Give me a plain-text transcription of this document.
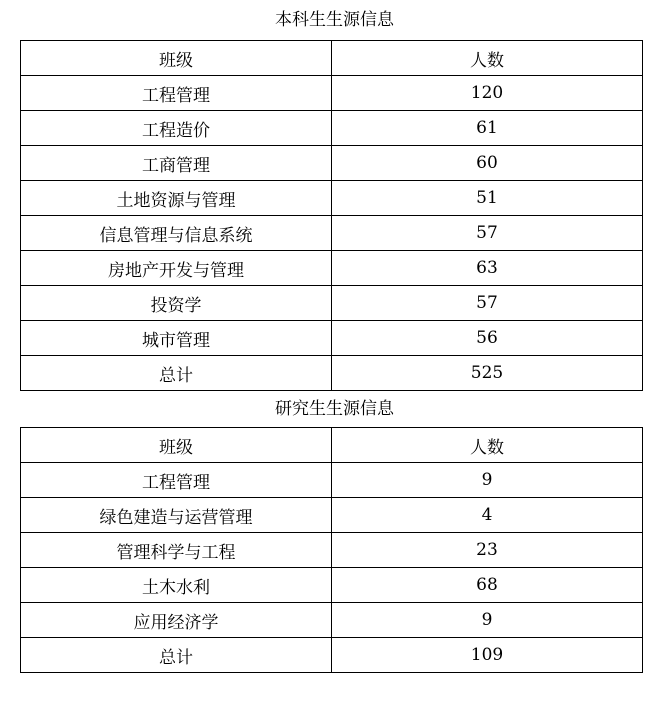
本科生生源信息
班级	人数
工程管理	120
工程造价	61
工商管理	60
土地资源与管理	51
信息管理与信息系统	57
房地产开发与管理	63
投资学	57
城市管理	56
总计	525
研究生生源信息
班级	人数
工程管理	9
绿色建造与运营管理	4
管理科学与工程	23
土木水利	68
应用经济学	9
总计	109
